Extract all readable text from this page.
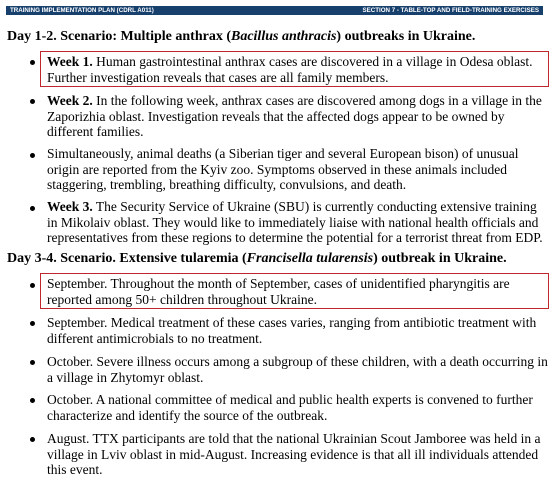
TRAINING IMPLEMENTATION PLAN (CDRL A011)	SECTION 7 - TABLE-TOP AND FIELD-TRAINING EXERCISES
Day 1-2. Scenario: Multiple anthrax (Bacillus anthracis) outbreaks in Ukraine.
Week 1. Human gastrointestinal anthrax cases are discovered in a village in Odesa oblast. Further investigation reveals that cases are all family members.
Week 2. In the following week, anthrax cases are discovered among dogs in a village in the Zaporizhia oblast. Investigation reveals that the affected dogs appear to be owned by different families.
Simultaneously, animal deaths (a Siberian tiger and several European bison) of unusual origin are reported from the Kyiv zoo. Symptoms observed in these animals included staggering, trembling, breathing difficulty, convulsions, and death.
Week 3. The Security Service of Ukraine (SBU) is currently conducting extensive training in Mikolaiv oblast. They would like to immediately liaise with national health officials and representatives from these regions to determine the potential for a terrorist threat from EDP.
Day 3-4. Scenario. Extensive tularemia (Francisella tularensis) outbreak in Ukraine.
September. Throughout the month of September, cases of unidentified pharyngitis are reported among 50+ children throughout Ukraine.
September. Medical treatment of these cases varies, ranging from antibiotic treatment with different antimicrobials to no treatment.
October. Severe illness occurs among a subgroup of these children, with a death occurring in a village in Zhytomyr oblast.
October. A national committee of medical and public health experts is convened to further characterize and identify the source of the outbreak.
August. TTX participants are told that the national Ukrainian Scout Jamboree was held in a village in Lviv oblast in mid-August. Increasing evidence is that all ill individuals attended this event.
